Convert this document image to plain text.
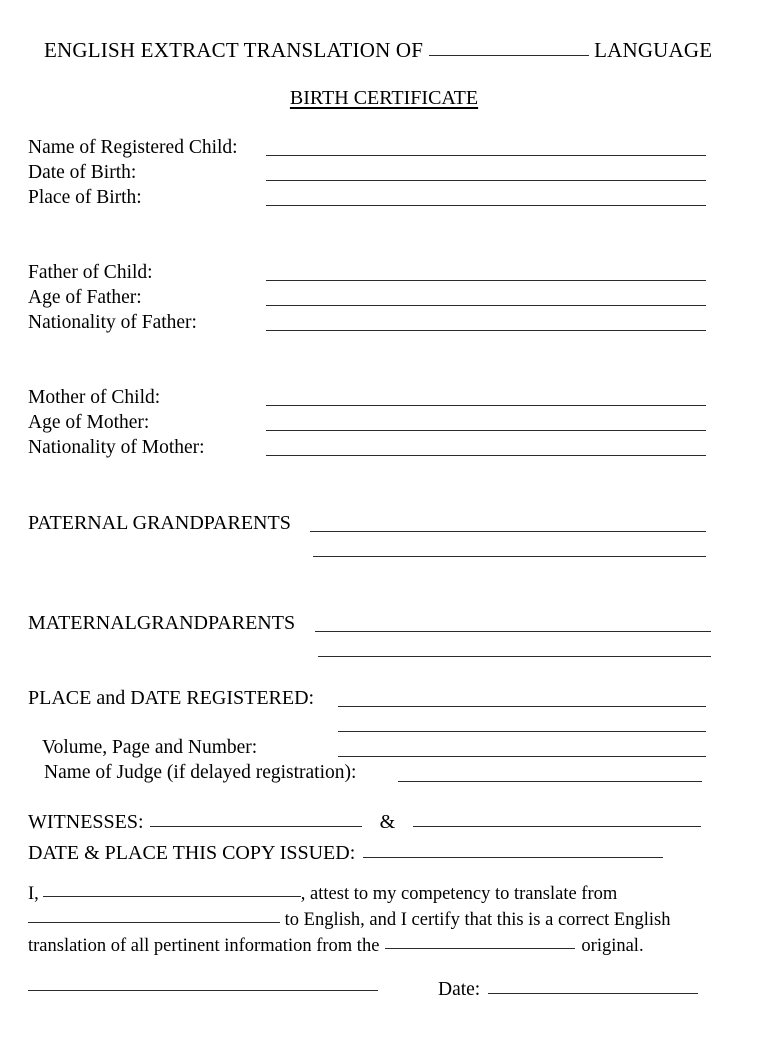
ENGLISH EXTRACT TRANSLATION OF	LANGUAGE
BIRTH CERTIFICATE
Name of Registered Child:
Date of Birth:
Place of Birth:
Father of Child:
Age of Father:
Nationality of Father:
Mother of Child:
Age of Mother:
Nationality of Mother:
PATERNAL GRANDPARENTS
MATERNALGRANDPARENTS
PLACE and DATE REGISTERED:
Volume, Page and Number:
Name of Judge (if delayed registration):
WITNESSES:	&
DATE & PLACE THIS COPY ISSUED:
I,	, attest to my competency to translate from
to English, and I certify that this is a correct English
translation of all pertinent information from the	original.
Date:
